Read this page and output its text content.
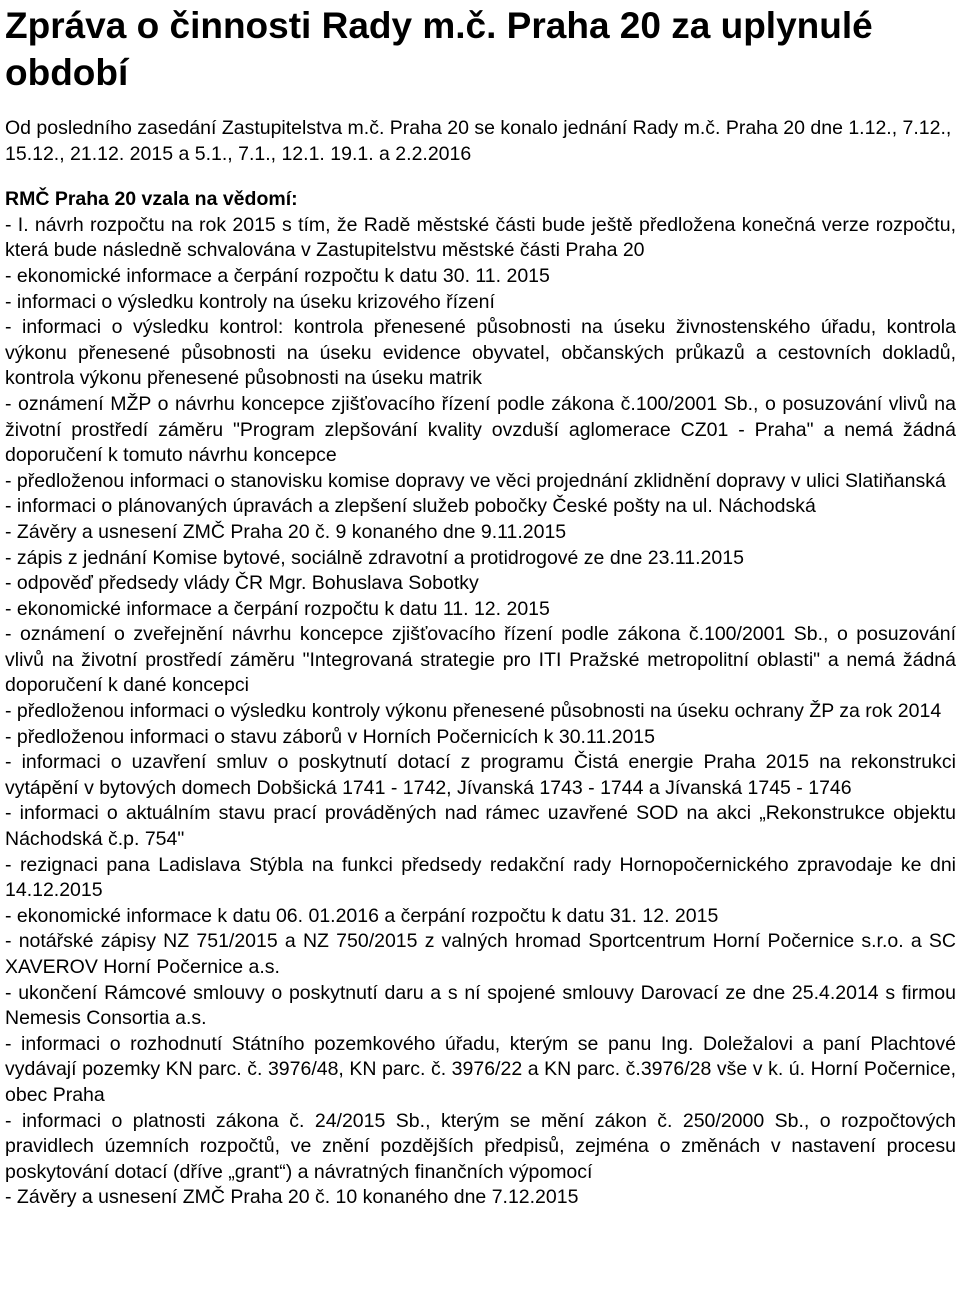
Zpráva o činnosti Rady m.č. Praha 20 za uplynulé období

Od posledního zasedání Zastupitelstva m.č. Praha 20 se konalo jednání Rady m.č. Praha 20 dne 1.12., 7.12., 15.12., 21.12. 2015 a 5.1., 7.1., 12.1. 19.1. a 2.2.2016

RMČ Praha 20 vzala na vědomí:

- I. návrh rozpočtu na rok 2015 s tím, že Radě městské části bude ještě předložena konečná verze rozpočtu, která bude následně schvalována v Zastupitelstvu městské části Praha 20
- ekonomické informace a čerpání rozpočtu k datu 30. 11. 2015
- informaci o výsledku kontroly na úseku krizového řízení
- informaci o výsledku kontrol: kontrola přenesené působnosti na úseku živnostenského úřadu, kontrola výkonu přenesené působnosti na úseku evidence obyvatel, občanských průkazů a cestovních dokladů, kontrola výkonu přenesené působnosti na úseku matrik
- oznámení MŽP o návrhu koncepce zjišťovacího řízení podle zákona č.100/2001 Sb., o posuzování vlivů na životní prostředí záměru "Program zlepšování kvality ovzduší aglomerace CZ01 - Praha" a nemá žádná doporučení k tomuto návrhu koncepce
- předloženou informaci o stanovisku komise dopravy ve věci projednání zklidnění dopravy v ulici Slatiňanská
- informaci o plánovaných úpravách a zlepšení služeb pobočky České pošty na ul. Náchodská
- Závěry a usnesení ZMČ Praha 20 č. 9 konaného dne 9.11.2015
- zápis z jednání Komise bytové, sociálně zdravotní a protidrogové ze dne 23.11.2015
- odpověď předsedy vlády ČR Mgr. Bohuslava Sobotky
- ekonomické informace a čerpání rozpočtu k datu 11. 12. 2015
- oznámení o zveřejnění návrhu koncepce zjišťovacího řízení podle zákona č.100/2001 Sb., o posuzování vlivů na životní prostředí záměru "Integrovaná strategie pro ITI Pražské metropolitní oblasti" a nemá žádná doporučení k dané koncepci
- předloženou informaci o výsledku kontroly výkonu přenesené působnosti na úseku ochrany ŽP za rok 2014
- předloženou informaci o stavu záborů v Horních Počernicích k 30.11.2015
- informaci o uzavření smluv o poskytnutí dotací z programu Čistá energie Praha 2015 na rekonstrukci vytápění v bytových domech Dobšická 1741 - 1742, Jívanská 1743 - 1744 a Jívanská 1745 - 1746
- informaci o aktuálním stavu prací prováděných nad rámec uzavřené SOD na akci „Rekonstrukce objektu Náchodská č.p. 754"
- rezignaci pana Ladislava Stýbla na funkci předsedy redakční rady Hornopočernického zpravodaje ke dni 14.12.2015
- ekonomické informace k datu 06. 01.2016 a čerpání rozpočtu k datu 31. 12. 2015
- notářské zápisy NZ 751/2015 a NZ 750/2015 z valných hromad Sportcentrum Horní Počernice s.r.o. a SC XAVEROV Horní Počernice a.s.
- ukončení Rámcové smlouvy o poskytnutí daru a s ní spojené smlouvy Darovací ze dne 25.4.2014 s firmou Nemesis Consortia a.s.
- informaci o rozhodnutí Státního pozemkového úřadu, kterým se panu Ing. Doležalovi a paní Plachtové vydávají pozemky KN parc. č. 3976/48, KN parc. č. 3976/22 a KN parc. č.3976/28 vše v k. ú. Horní Počernice, obec Praha
- informaci o platnosti zákona č. 24/2015 Sb., kterým se mění zákon č. 250/2000 Sb., o rozpočtových pravidlech územních rozpočtů, ve znění pozdějších předpisů, zejména o změnách v nastavení procesu poskytování dotací (dříve „grant“) a návratných finančních výpomocí
- Závěry a usnesení ZMČ Praha 20 č. 10 konaného dne 7.12.2015
